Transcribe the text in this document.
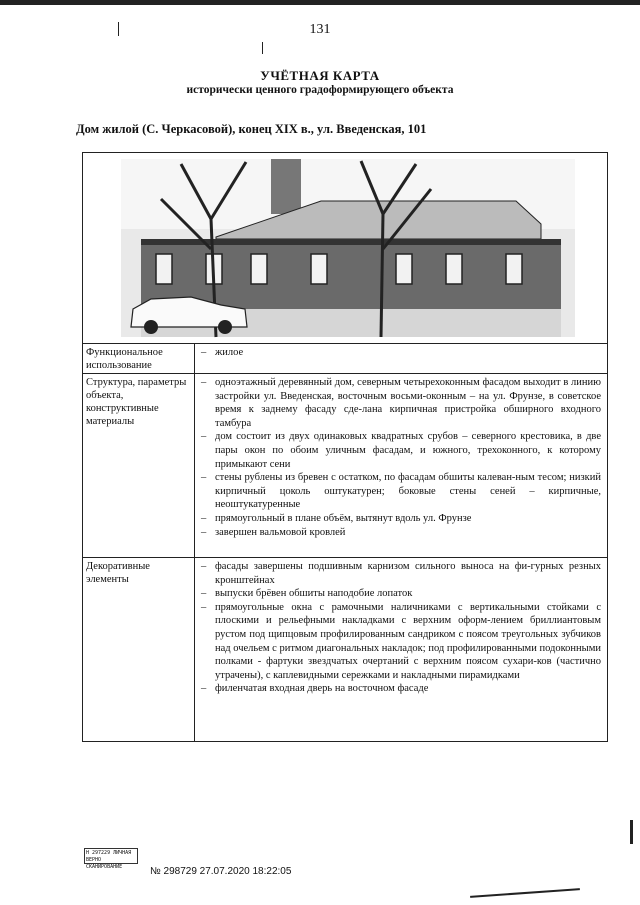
131
УЧЁТНАЯ КАРТА
исторически ценного градоформирующего объекта
Дом жилой (С. Черкасовой), конец XIX в., ул. Введенская, 101
Функциональное использование
– жилое
Структура, параметры объекта, конструктивные материалы
– одноэтажный деревянный дом, северным четырехоконным фасадом выходит в линию застройки ул. Введенская, восточным восьми-оконным – на ул. Фрунзе, в советское время к заднему фасаду сде-лана кирпичная пристройка обширного входного тамбура
– дом состоит из двух одинаковых квадратных срубов – северного крестовика, в две пары окон по обоим уличным фасадам, и южного, трехоконного, к которому примыкают сени
– стены рублены из бревен с остатком, по фасадам обшиты калеван-ным тесом; низкий кирпичный цоколь оштукатурен; боковые стены сеней – кирпичные, неоштукатуренные
– прямоугольный в плане объём, вытянут вдоль ул. Фрунзе
– завершен вальмовой кровлей
Декоративные элементы
– фасады завершены подшивным карнизом сильного выноса на фи-гурных резных кронштейнах
– выпуски брёвен обшиты наподобие лопаток
– прямоугольные окна с рамочными наличниками с вертикальными стойками с плоскими и рельефными накладками с верхним оформ-лением бриллиантовым рустом под щипцовым профилированным сандриком с поясом треугольных зубчиков над очельем с ритмом диагональных накладок; под профилированными подоконными полками - фартуки звездчатых очертаний с верхним поясом сухари-ков (частично утрачены), с каплевидными сережками и накладными пирамидками
– филенчатая входная дверь на восточном фасаде
Н 297229 ЛИЧНАЯ ВЕРНО СКАНИРОВАНИЕ	№ 298729 27.07.2020 18:22:05
